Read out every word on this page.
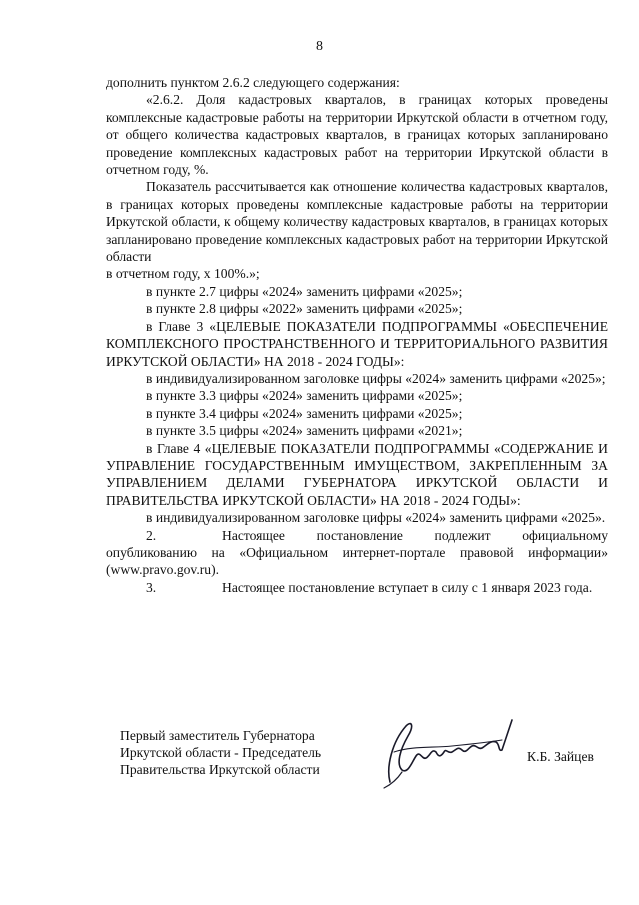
8

дополнить пунктом 2.6.2 следующего содержания:

«2.6.2. Доля кадастровых кварталов, в границах которых проведены комплексные кадастровые работы на территории Иркутской области в отчетном году, от общего количества кадастровых кварталов, в границах которых запланировано проведение комплексных кадастровых работ на территории Иркутской области в отчетном году, %.

Показатель рассчитывается как отношение количества кадастровых кварталов, в границах которых проведены комплексные кадастровые работы на территории Иркутской области, к общему количеству кадастровых кварталов, в границах которых запланировано проведение комплексных кадастровых работ на территории Иркутской области

в отчетном году, х 100%.»;

в пункте 2.7 цифры «2024» заменить цифрами «2025»;

в пункте 2.8 цифры «2022» заменить цифрами «2025»;

в Главе 3 «ЦЕЛЕВЫЕ ПОКАЗАТЕЛИ ПОДПРОГРАММЫ «ОБЕСПЕЧЕНИЕ КОМПЛЕКСНОГО ПРОСТРАНСТВЕННОГО И ТЕРРИТОРИАЛЬНОГО РАЗВИТИЯ ИРКУТСКОЙ ОБЛАСТИ» НА 2018 - 2024 ГОДЫ»:

в индивидуализированном заголовке цифры «2024» заменить цифрами «2025»;

в пункте 3.3 цифры «2024» заменить цифрами «2025»;

в пункте 3.4 цифры «2024» заменить цифрами «2025»;

в пункте 3.5 цифры «2024» заменить цифрами «2021»;

в Главе 4 «ЦЕЛЕВЫЕ ПОКАЗАТЕЛИ ПОДПРОГРАММЫ «СОДЕРЖАНИЕ И УПРАВЛЕНИЕ ГОСУДАРСТВЕННЫМ ИМУЩЕСТВОМ, ЗАКРЕПЛЕННЫМ ЗА УПРАВЛЕНИЕМ ДЕЛАМИ ГУБЕРНАТОРА ИРКУТСКОЙ ОБЛАСТИ И ПРАВИТЕЛЬСТВА ИРКУТСКОЙ ОБЛАСТИ» НА 2018 - 2024 ГОДЫ»:

в индивидуализированном заголовке цифры «2024» заменить цифрами «2025».

2.	Настоящее постановление подлежит официальному опубликованию на «Официальном интернет-портале правовой информации» (www.pravo.gov.ru).

3.	Настоящее постановление вступает в силу с 1 января 2023 года.

Первый заместитель Губернатора
Иркутской области - Председатель
Правительства Иркутской области
К.Б. Зайцев
